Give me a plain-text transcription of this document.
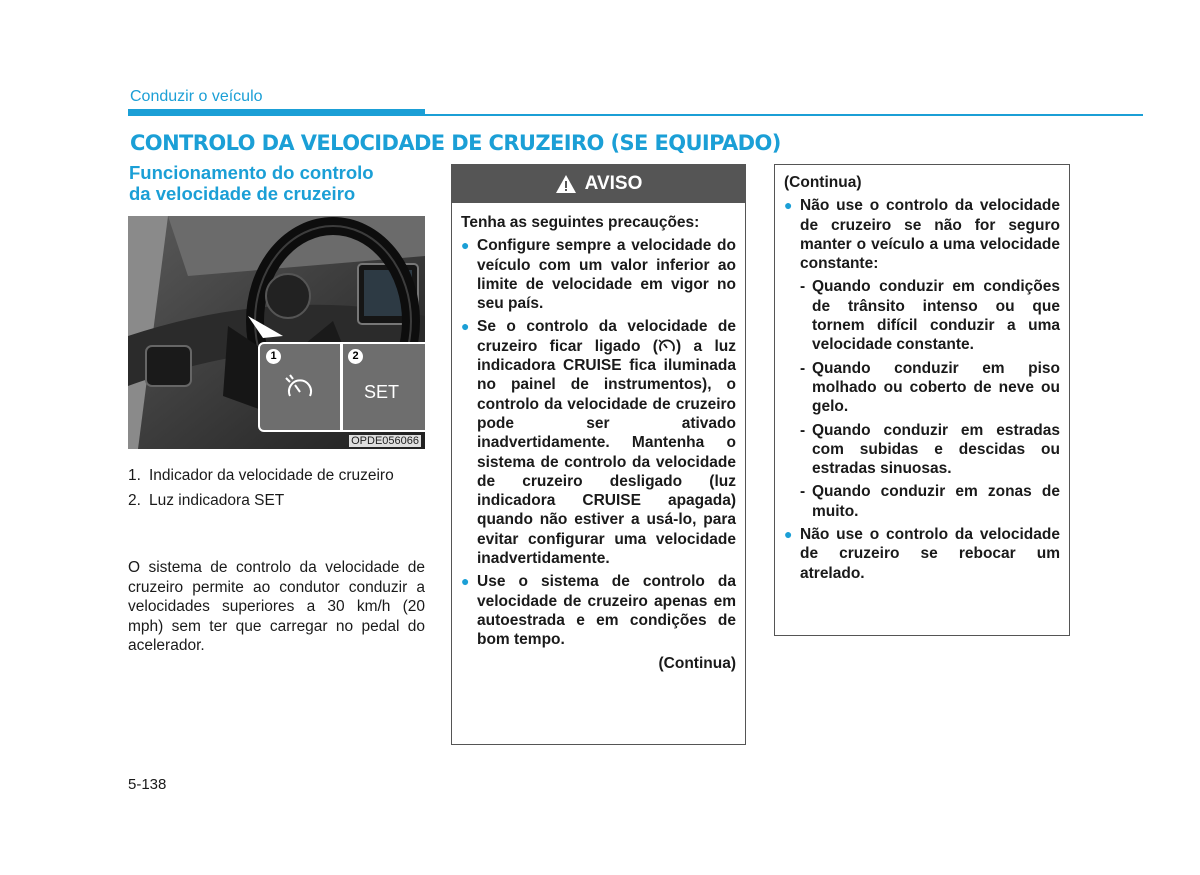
Conduzir o veículo
CONTROLO DA VELOCIDADE DE CRUZEIRO (SE EQUIPADO)
Funcionamento do controlo
da velocidade de cruzeiro
1	2
SET
OPDE056066
1. Indicador da velocidade de cruzeiro
2. Luz indicadora SET
O sistema de controlo da velocidade de cruzeiro permite ao condutor conduzir a velocidades superiores a 30 km/h (20 mph) sem ter que carregar no pedal do acelerador.
AVISO
Tenha as seguintes precauções:
● Configure sempre a velocidade do veículo com um valor inferior ao limite de velocidade em vigor no seu país.
● Se o controlo da velocidade de cruzeiro ficar ligado ( ) a luz indicadora CRUISE fica iluminada no painel de instrumentos), o controlo da velocidade de cruzeiro pode ser ativado inadvertidamente. Mantenha o sistema de controlo da velocidade de cruzeiro desligado (luz indicadora CRUISE apagada) quando não estiver a usá-lo, para evitar configurar uma velocidade inadvertidamente.
● Use o sistema de controlo da velocidade de cruzeiro apenas em autoestrada e em condições de bom tempo.
(Continua)
(Continua)
● Não use o controlo da velocidade de cruzeiro se não for seguro manter o veículo a uma velocidade constante:
- Quando conduzir em condições de trânsito intenso ou que tornem difícil conduzir a uma velocidade constante.
- Quando conduzir em piso molhado ou coberto de neve ou gelo.
- Quando conduzir em estradas com subidas e descidas ou estradas sinuosas.
- Quando conduzir em zonas de muito.
● Não use o controlo da velocidade de cruzeiro se rebocar um atrelado.
5-138
